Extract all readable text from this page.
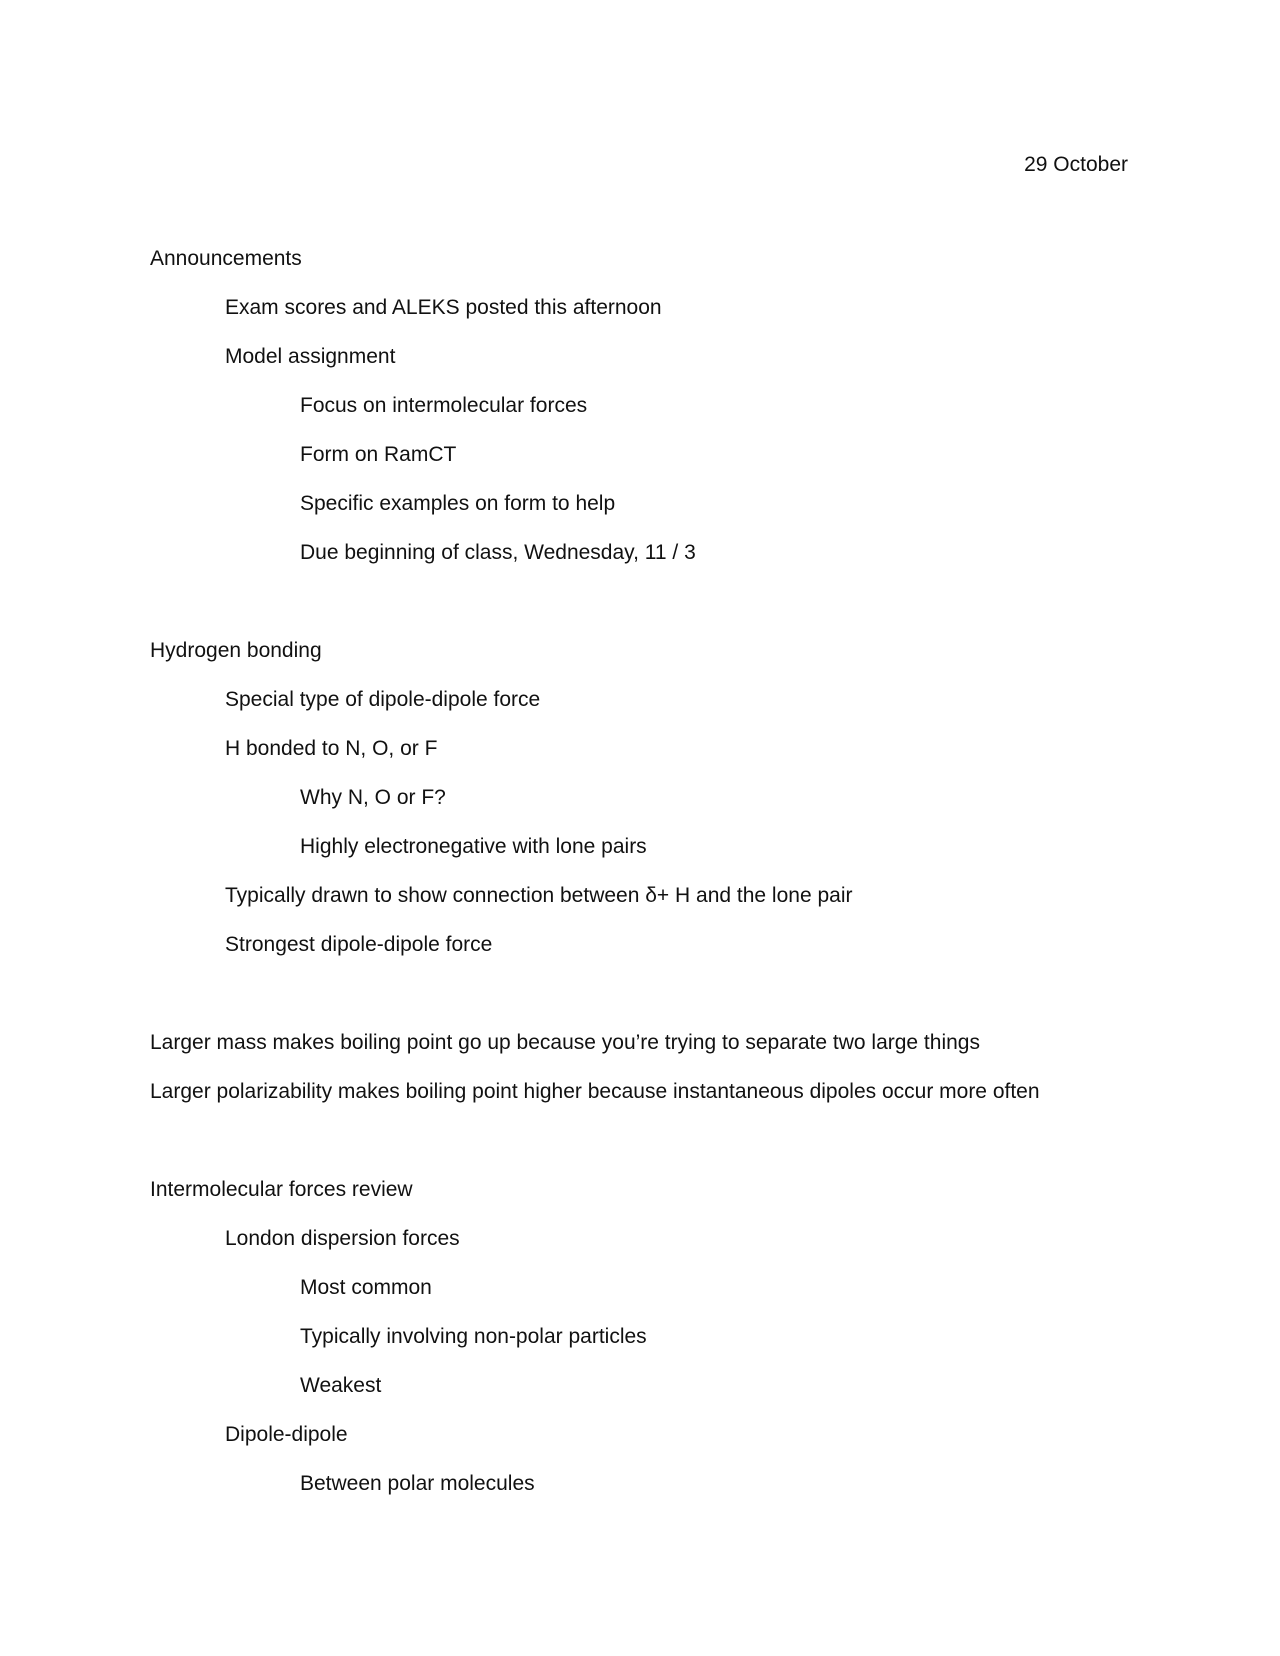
29 October
Announcements
Exam scores and ALEKS posted this afternoon
Model assignment
Focus on intermolecular forces
Form on RamCT
Specific examples on form to help
Due beginning of class, Wednesday, 11 / 3
Hydrogen bonding
Special type of dipole-dipole force
H bonded to N, O, or F
Why N, O or F?
Highly electronegative with lone pairs
Typically drawn to show connection between δ+ H and the lone pair
Strongest dipole-dipole force
Larger mass makes boiling point go up because you’re trying to separate two large things
Larger polarizability makes boiling point higher because instantaneous dipoles occur more often
Intermolecular forces review
London dispersion forces
Most common
Typically involving non-polar particles
Weakest
Dipole-dipole
Between polar molecules
